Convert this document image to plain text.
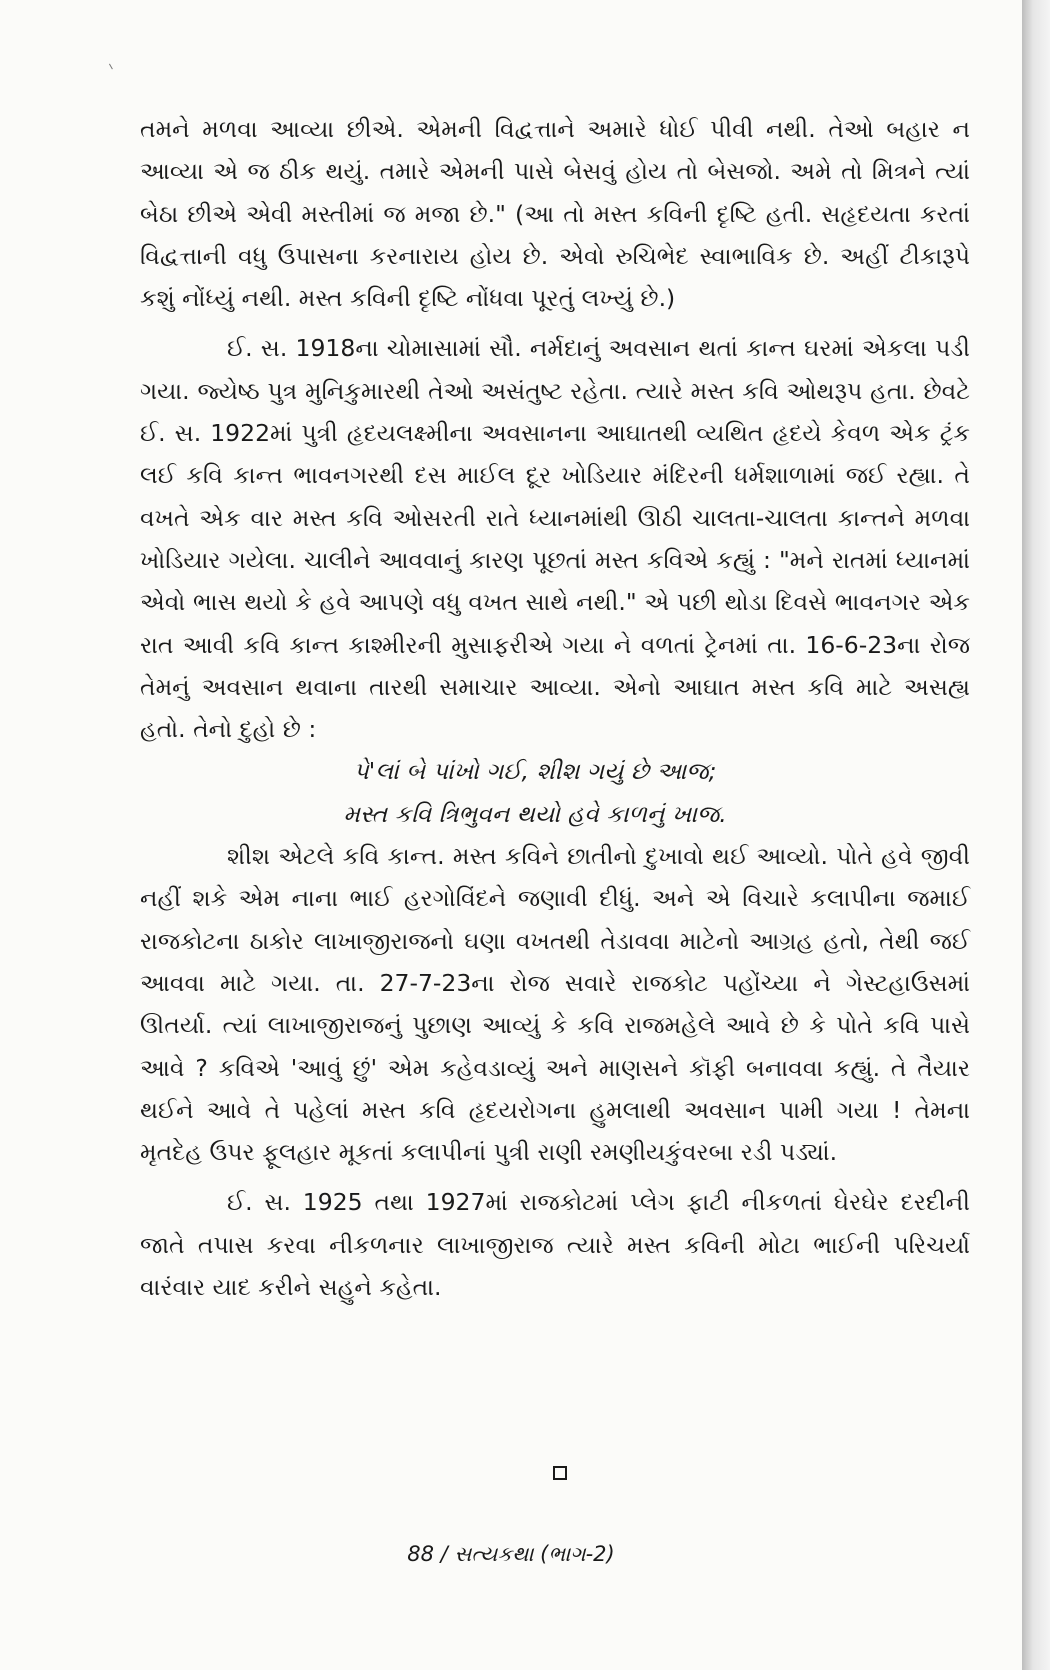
તમને મળવા આવ્યા છીએ. એમની વિદ્વત્તાને અમારે ધોઈ પીવી નથી. તેઓ બહાર ન આવ્યા એ જ ઠીક થયું. તમારે એમની પાસે બેસવું હોય તો બેસજો. અમે તો મિત્રને ત્યાં બેઠા છીએ એવી મસ્તીમાં જ મજા છે." (આ તો મસ્ત કવિની દૃષ્ટિ હતી. સહૃદયતા કરતાં વિદ્વત્તાની વધુ ઉપાસના કરનારાય હોય છે. એવો રુચિભેદ સ્વાભાવિક છે. અહીં ટીકારૂપે કશું નોંધ્યું નથી. મસ્ત કવિની દૃષ્ટિ નોંધવા પૂરતું લખ્યું છે.)

ઈ. સ. 1918ના ચોમાસામાં સૌ. નર્મદાનું અવસાન થતાં કાન્ત ઘરમાં એકલા પડી ગયા. જ્યેષ્ઠ પુત્ર મુનિકુમારથી તેઓ અસંતુષ્ટ રહેતા. ત્યારે મસ્ત કવિ ઓથરૂપ હતા. છેવટે ઈ. સ. 1922માં પુત્રી હૃદયલક્ષ્મીના અવસાનના આઘાતથી વ્યથિત હૃદયે કેવળ એક ટ્રંક લઈ કવિ કાન્ત ભાવનગરથી દસ માઈલ દૂર ખોડિયાર મંદિરની ધર્મશાળામાં જઈ રહ્યા. તે વખતે એક વાર મસ્ત કવિ ઓસરતી રાતે ધ્યાનમાંથી ઊઠી ચાલતા-ચાલતા કાન્તને મળવા ખોડિયાર ગયેલા. ચાલીને આવવાનું કારણ પૂછતાં મસ્ત કવિએ કહ્યું : "મને રાતમાં ધ્યાનમાં એવો ભાસ થયો કે હવે આપણે વધુ વખત સાથે નથી." એ પછી થોડા દિવસે ભાવનગર એક રાત આવી કવિ કાન્ત કાશ્મીરની મુસાફરીએ ગયા ને વળતાં ટ્રેનમાં તા. 16-6-23ના રોજ તેમનું અવસાન થવાના તારથી સમાચાર આવ્યા. એનો આઘાત મસ્ત કવિ માટે અસહ્ય હતો. તેનો દુહો છે :

પે'લાં બે પાંખો ગઈ, શીશ ગયું છે આજ;
મસ્ત કવિ ત્રિભુવન થયો હવે કાળનું ખાજ.

શીશ એટલે કવિ કાન્ત. મસ્ત કવિને છાતીનો દુખાવો થઈ આવ્યો. પોતે હવે જીવી નહીં શકે એમ નાના ભાઈ હરગોવિંદને જણાવી દીધું. અને એ વિચારે કલાપીના જમાઈ રાજકોટના ઠાકોર લાખાજીરાજનો ઘણા વખતથી તેડાવવા માટેનો આગ્રહ હતો, તેથી જઈ આવવા માટે ગયા. તા. 27-7-23ના રોજ સવારે રાજકોટ પહોંચ્યા ને ગેસ્ટહાઉસમાં ઊતર્યા. ત્યાં લાખાજીરાજનું પુછાણ આવ્યું કે કવિ રાજમહેલે આવે છે કે પોતે કવિ પાસે આવે ? કવિએ 'આવું છું' એમ કહેવડાવ્યું અને માણસને કૉફી બનાવવા કહ્યું. તે તૈયાર થઈને આવે તે પહેલાં મસ્ત કવિ હૃદયરોગના હુમલાથી અવસાન પામી ગયા ! તેમના મૃતદેહ ઉપર ફૂલહાર મૂકતાં કલાપીનાં પુત્રી રાણી રમણીયકુંવરબા રડી પડ્યાં.

ઈ. સ. 1925 તથા 1927માં રાજકોટમાં પ્લેગ ફાટી નીકળતાં ઘેરઘેર દરદીની જાતે તપાસ કરવા નીકળનાર લાખાજીરાજ ત્યારે મસ્ત કવિની મોટા ભાઈની પરિચર્યા વારંવાર યાદ કરીને સહુને કહેતા.

88 / સત્યકથા (ભાગ-2)
